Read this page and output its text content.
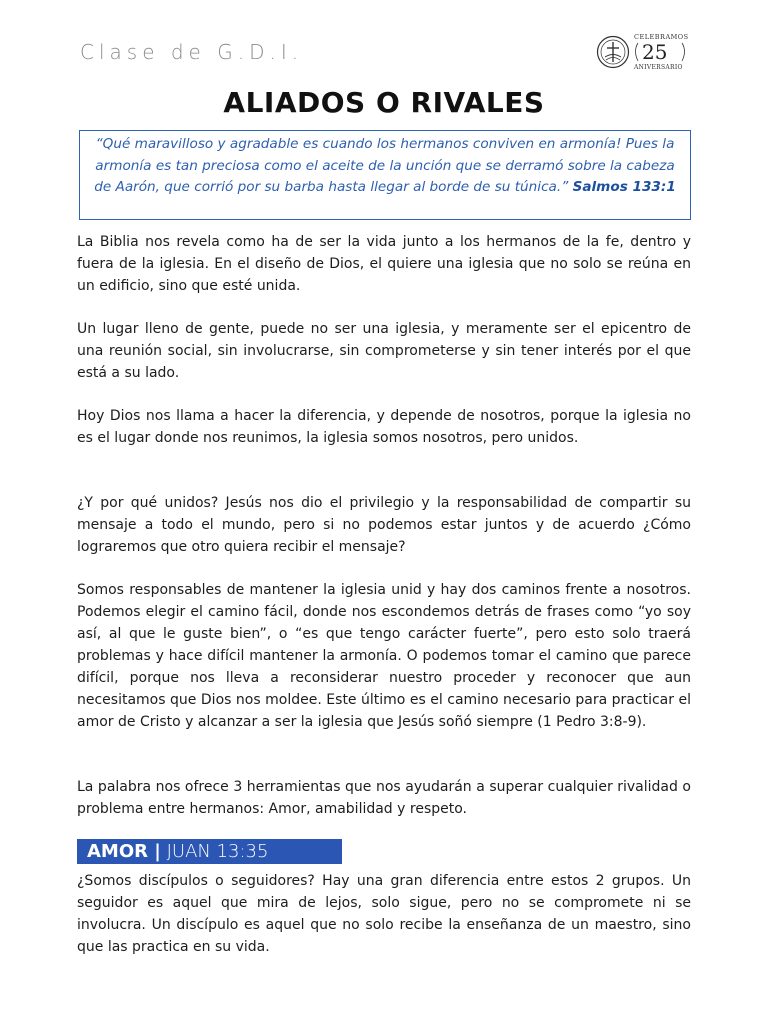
Clase de G.D.I.
CELEBRAMOS
25
ANIVERSARIO
ALIADOS O RIVALES
“Qué maravilloso y agradable es cuando los hermanos conviven en armonía! Pues la armonía es tan preciosa como el aceite de la unción que se derramó sobre la cabeza de Aarón, que corrió por su barba hasta llegar al borde de su túnica.” Salmos 133:1

La Biblia nos revela como ha de ser la vida junto a los hermanos de la fe, dentro y fuera de la iglesia. En el diseño de Dios, el quiere una iglesia que no solo se reúna en un edificio, sino que esté unida.

Un lugar lleno de gente, puede no ser una iglesia, y meramente ser el epicentro de una reunión social, sin involucrarse, sin comprometerse y sin tener interés por el que está a su lado.

Hoy Dios nos llama a hacer la diferencia, y depende de nosotros, porque la iglesia no es el lugar donde nos reunimos, la iglesia somos nosotros, pero unidos.

¿Y por qué unidos? Jesús nos dio el privilegio y la responsabilidad de compartir su mensaje a todo el mundo, pero si no podemos estar juntos y de acuerdo ¿Cómo lograremos que otro quiera recibir el mensaje?

Somos responsables de mantener la iglesia unid y hay dos caminos frente a nosotros. Podemos elegir el camino fácil, donde nos escondemos detrás de frases como “yo soy así, al que le guste bien”, o “es que tengo carácter fuerte”, pero esto solo traerá problemas y hace difícil mantener la armonía. O podemos tomar el camino que parece difícil, porque nos lleva a reconsiderar nuestro proceder y reconocer que aun necesitamos que Dios nos moldee. Este último es el camino necesario para practicar el amor de Cristo y alcanzar a ser la iglesia que Jesús soñó siempre (1 Pedro 3:8-9).

La palabra nos ofrece 3 herramientas que nos ayudarán a superar cualquier rivalidad o problema entre hermanos: Amor, amabilidad y respeto.

AMOR | JUAN 13:35

¿Somos discípulos o seguidores? Hay una gran diferencia entre estos 2 grupos. Un seguidor es aquel que mira de lejos, solo sigue, pero no se compromete ni se involucra. Un discípulo es aquel que no solo recibe la enseñanza de un maestro, sino que las practica en su vida.
